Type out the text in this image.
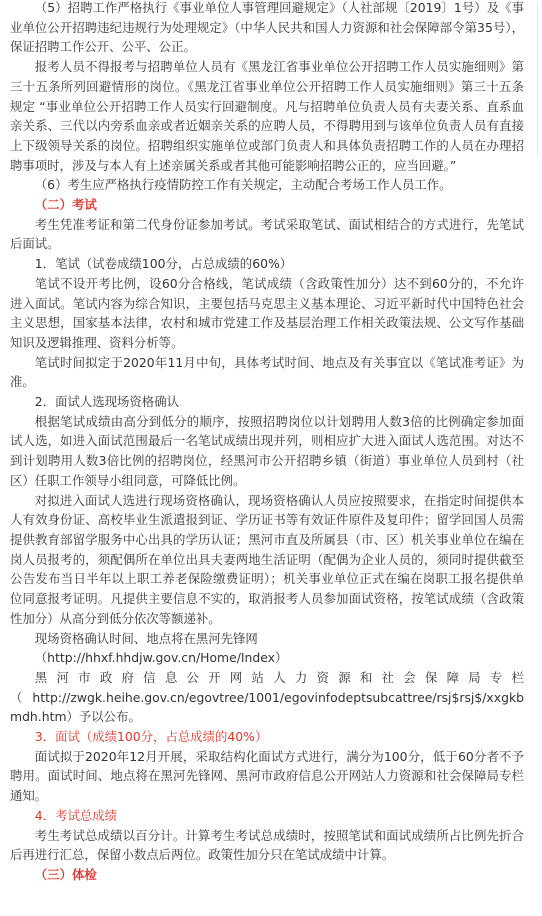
（5）招聘工作严格执行《事业单位人事管理回避规定》（人社部规〔2019〕1号）及《事业单位公开招聘违纪违规行为处理规定》（中华人民共和国人力资源和社会保障部令第35号），保证招聘工作公开、公平、公正。

报考人员不得报考与招聘单位人员有《黑龙江省事业单位公开招聘工作人员实施细则》第三十五条所列回避情形的岗位。《黑龙江省事业单位公开招聘工作人员实施细则》第三十五条规定 “事业单位公开招聘工作人员实行回避制度。凡与招聘单位负责人员有夫妻关系、直系血亲关系、三代以内旁系血亲或者近姻亲关系的应聘人员，不得聘用到与该单位负责人员有直接上下级领导关系的岗位。招聘组织实施单位或部门负责人和具体负责招聘工作的人员在办理招聘事项时，涉及与本人有上述亲属关系或者其他可能影响招聘公正的，应当回避。”

（6）考生应严格执行疫情防控工作有关规定，主动配合考场工作人员工作。

（二）考试

考生凭准考证和第二代身份证参加考试。考试采取笔试、面试相结合的方式进行，先笔试后面试。

1．笔试（试卷成绩100分，占总成绩的60%）

笔试不设开考比例，设60分合格线，笔试成绩（含政策性加分）达不到60分的，不允许进入面试。笔试内容为综合知识，主要包括马克思主义基本理论、习近平新时代中国特色社会主义思想，国家基本法律，农村和城市党建工作及基层治理工作相关政策法规、公文写作基础知识及逻辑推理、资料分析等。

笔试时间拟定于2020年11月中旬，具体考试时间、地点及有关事宜以《笔试准考证》为准。

2．面试人选现场资格确认

根据笔试成绩由高分到低分的顺序，按照招聘岗位以计划聘用人数3倍的比例确定参加面试人选，如进入面试范围最后一名笔试成绩出现并列，则相应扩大进入面试人选范围。对达不到计划聘用人数3倍比例的招聘岗位，经黑河市公开招聘乡镇（街道）事业单位人员到村（社区）任职工作领导小组同意，可降低比例。

对拟进入面试人选进行现场资格确认，现场资格确认人员应按照要求，在指定时间提供本人有效身份证、高校毕业生派遣报到证、学历证书等有效证件原件及复印件；留学回国人员需提供教育部留学服务中心出具的学历认证；黑河市直及所属县（市、区）机关事业单位在编在岗人员报考的，须配偶所在单位出具夫妻两地生活证明（配偶为企业人员的，须同时提供截至公告发布当日半年以上职工养老保险缴费证明）；机关事业单位正式在编在岗职工报名提供单位同意报考证明。凡提供主要信息不实的，取消报考人员参加面试资格，按笔试成绩（含政策性加分）从高分到低分依次等额递补。

现场资格确认时间、地点将在黑河先锋网

（http://hhxf.hhdjw.gov.cn/Home/Index）

黑河市政府信息公开网站人力资源和社会保障局专栏

（http://zwgk.heihe.gov.cn/egovtree/1001/egovinfodeptsubcattree/rsj$rsj$/xxgkbmdh.htm）予以公布。

3．面试（成绩100分，占总成绩的40%）

面试拟于2020年12月开展，采取结构化面试方式进行，满分为100分，低于60分者不予聘用。面试时间、地点将在黑河先锋网、黑河市政府信息公开网站人力资源和社会保障局专栏通知。

4．考试总成绩

考生考试总成绩以百分计。计算考生考试总成绩时，按照笔试和面试成绩所占比例先折合后再进行汇总，保留小数点后两位。政策性加分只在笔试成绩中计算。

（三）体检
